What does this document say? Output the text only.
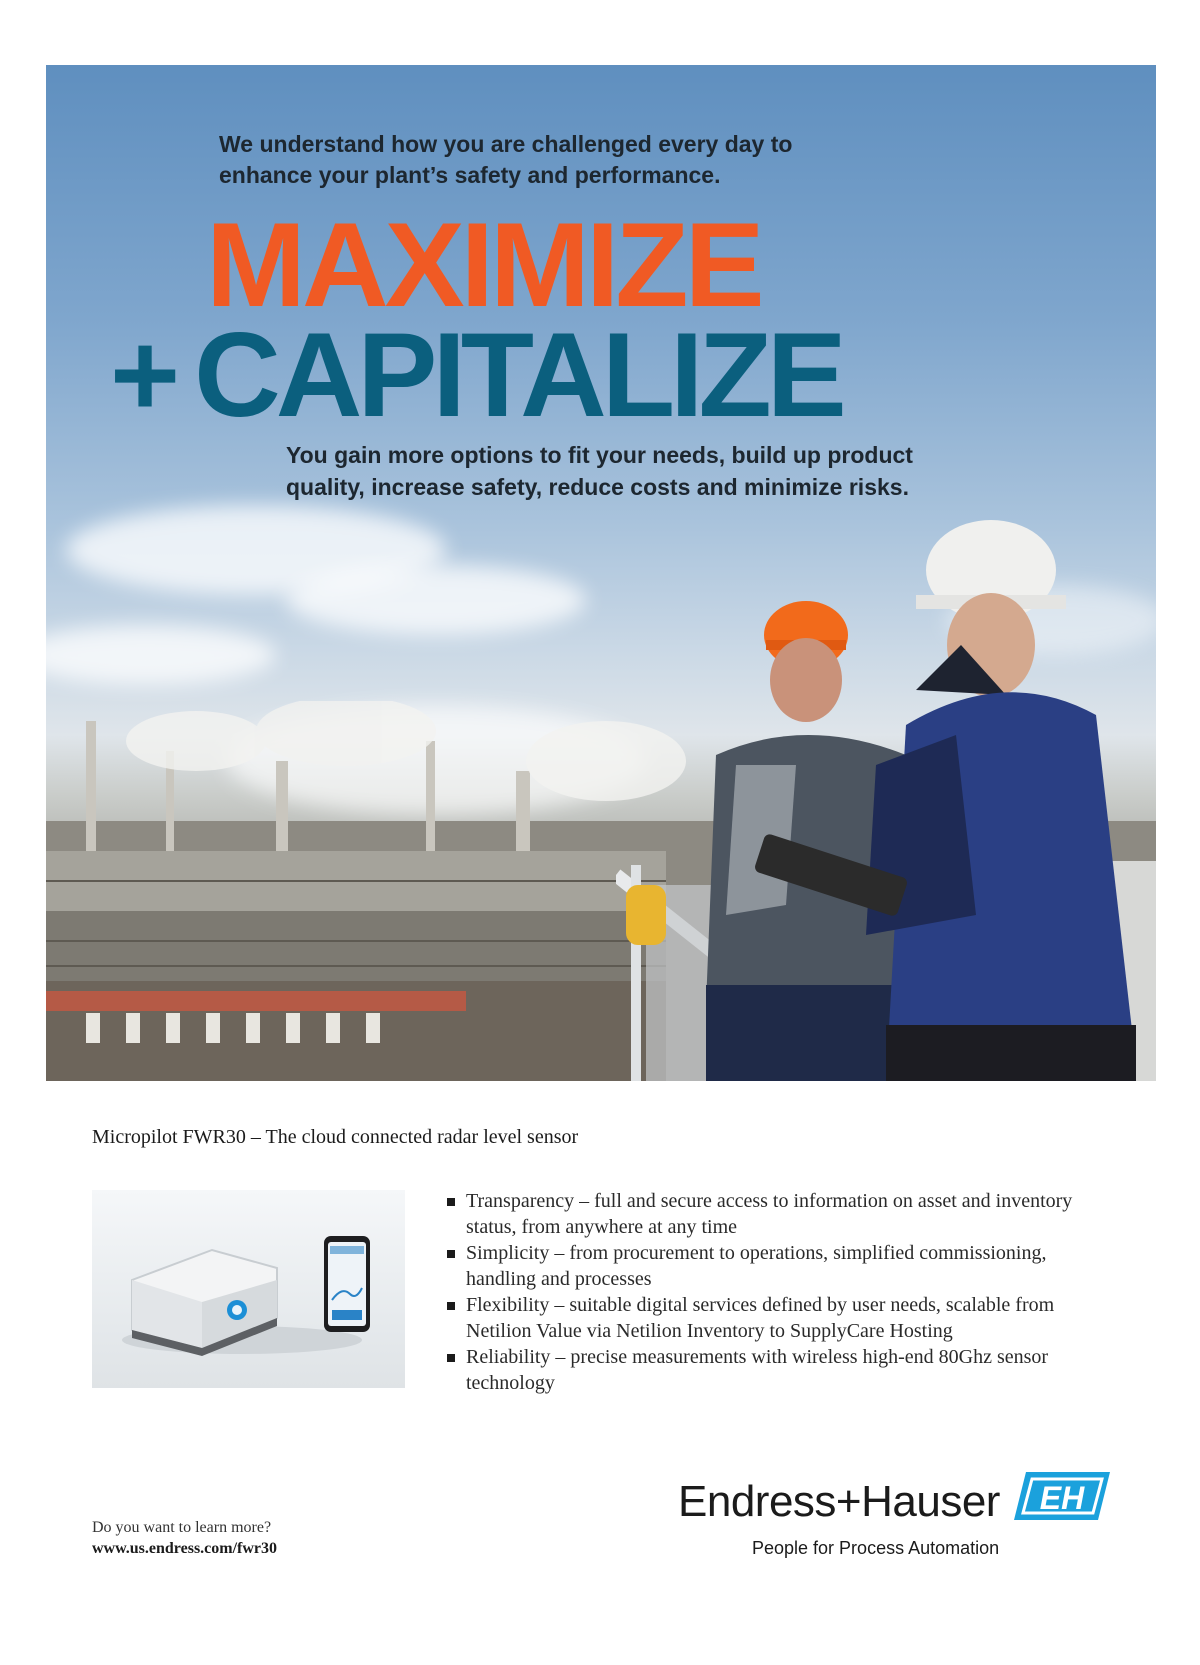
We understand how you are challenged every day to enhance your plant’s safety and performance.

MAXIMIZE

+ CAPITALIZE

You gain more options to fit your needs, build up product quality, increase safety, reduce costs and minimize risks.

Micropilot FWR30 – The cloud connected radar level sensor

Transparency – full and secure access to information on asset and inventory status, from anywhere at any time
Simplicity – from procurement to operations, simplified commissioning, handling and processes
Flexibility – suitable digital services defined by user needs, scalable from Netilion Value via Netilion Inventory to SupplyCare Hosting
Reliability – precise measurements with wireless high-end 80Ghz sensor technology
Do you want to learn more?
www.us.endress.com/fwr30
Endress+Hauser
People for Process Automation
EH
